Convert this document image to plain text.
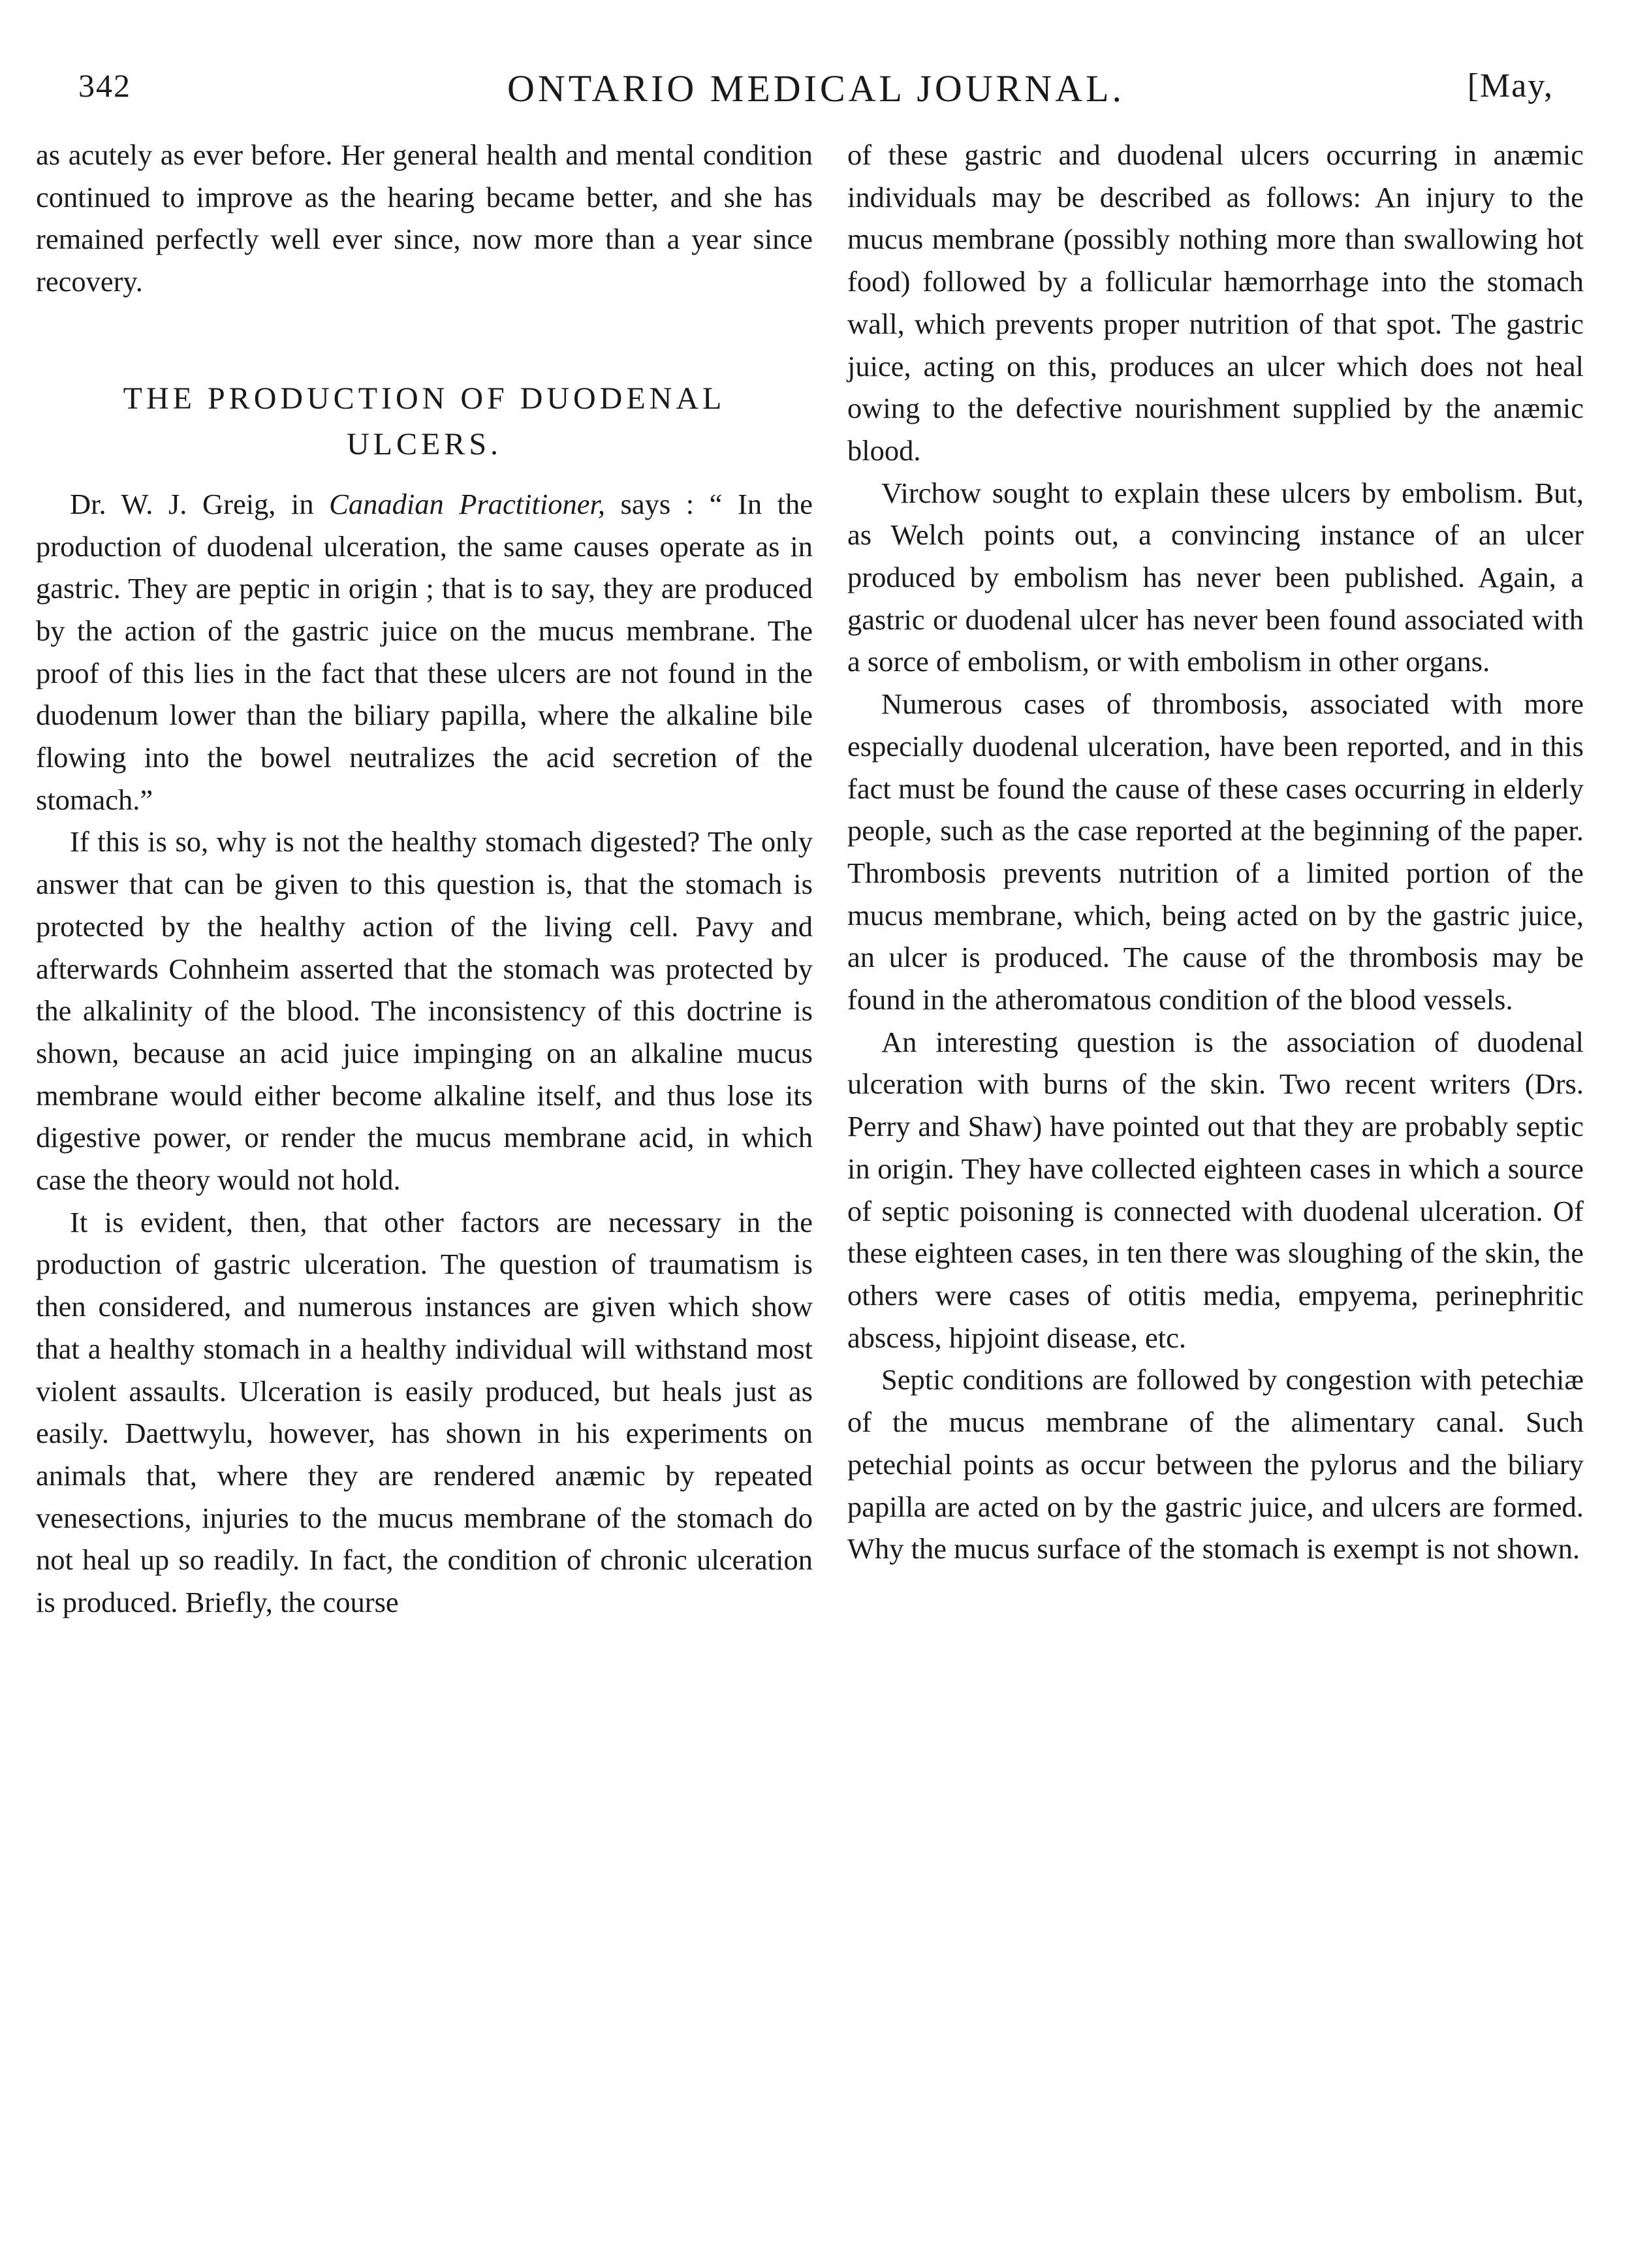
342	ONTARIO MEDICAL JOURNAL.	[May,

as acutely as ever before. Her general health and mental condition continued to improve as the hearing became better, and she has remained perfectly well ever since, now more than a year since recovery.

THE PRODUCTION OF DUODENAL
ULCERS.

Dr. W. J. Greig, in Canadian Practitioner, says : “ In the production of duodenal ulceration, the same causes operate as in gastric. They are peptic in origin ; that is to say, they are produced by the action of the gastric juice on the mucus membrane. The proof of this lies in the fact that these ulcers are not found in the duodenum lower than the biliary papilla, where the alkaline bile flowing into the bowel neutralizes the acid secretion of the stomach.”

If this is so, why is not the healthy stomach digested? The only answer that can be given to this question is, that the stomach is protected by the healthy action of the living cell. Pavy and afterwards Cohnheim asserted that the stomach was protected by the alkalinity of the blood. The inconsistency of this doctrine is shown, because an acid juice impinging on an alkaline mucus membrane would either become alkaline itself, and thus lose its digestive power, or render the mucus membrane acid, in which case the theory would not hold.

It is evident, then, that other factors are necessary in the production of gastric ulceration. The question of traumatism is then considered, and numerous instances are given which show that a healthy stomach in a healthy individual will withstand most violent assaults. Ulceration is easily produced, but heals just as easily. Daettwylu, however, has shown in his experiments on animals that, where they are rendered anæmic by repeated venesections, injuries to the mucus membrane of the stomach do not heal up so readily. In fact, the condition of chronic ulceration is produced. Briefly, the course

of these gastric and duodenal ulcers occurring in anæmic individuals may be described as follows: An injury to the mucus membrane (possibly nothing more than swallowing hot food) followed by a follicular hæmorrhage into the stomach wall, which prevents proper nutrition of that spot. The gastric juice, acting on this, produces an ulcer which does not heal owing to the defective nourishment supplied by the anæmic blood.

Virchow sought to explain these ulcers by embolism. But, as Welch points out, a convincing instance of an ulcer produced by embolism has never been published. Again, a gastric or duodenal ulcer has never been found associated with a sorce of embolism, or with embolism in other organs.

Numerous cases of thrombosis, associated with more especially duodenal ulceration, have been reported, and in this fact must be found the cause of these cases occurring in elderly people, such as the case reported at the beginning of the paper. Thrombosis prevents nutrition of a limited portion of the mucus membrane, which, being acted on by the gastric juice, an ulcer is produced. The cause of the thrombosis may be found in the atheromatous condition of the blood vessels.

An interesting question is the association of duodenal ulceration with burns of the skin. Two recent writers (Drs. Perry and Shaw) have pointed out that they are probably septic in origin. They have collected eighteen cases in which a source of septic poisoning is connected with duodenal ulceration. Of these eighteen cases, in ten there was sloughing of the skin, the others were cases of otitis media, empyema, perinephritic abscess, hipjoint disease, etc.

Septic conditions are followed by congestion with petechiæ of the mucus membrane of the alimentary canal. Such petechial points as occur between the pylorus and the biliary papilla are acted on by the gastric juice, and ulcers are formed. Why the mucus surface of the stomach is exempt is not shown.
